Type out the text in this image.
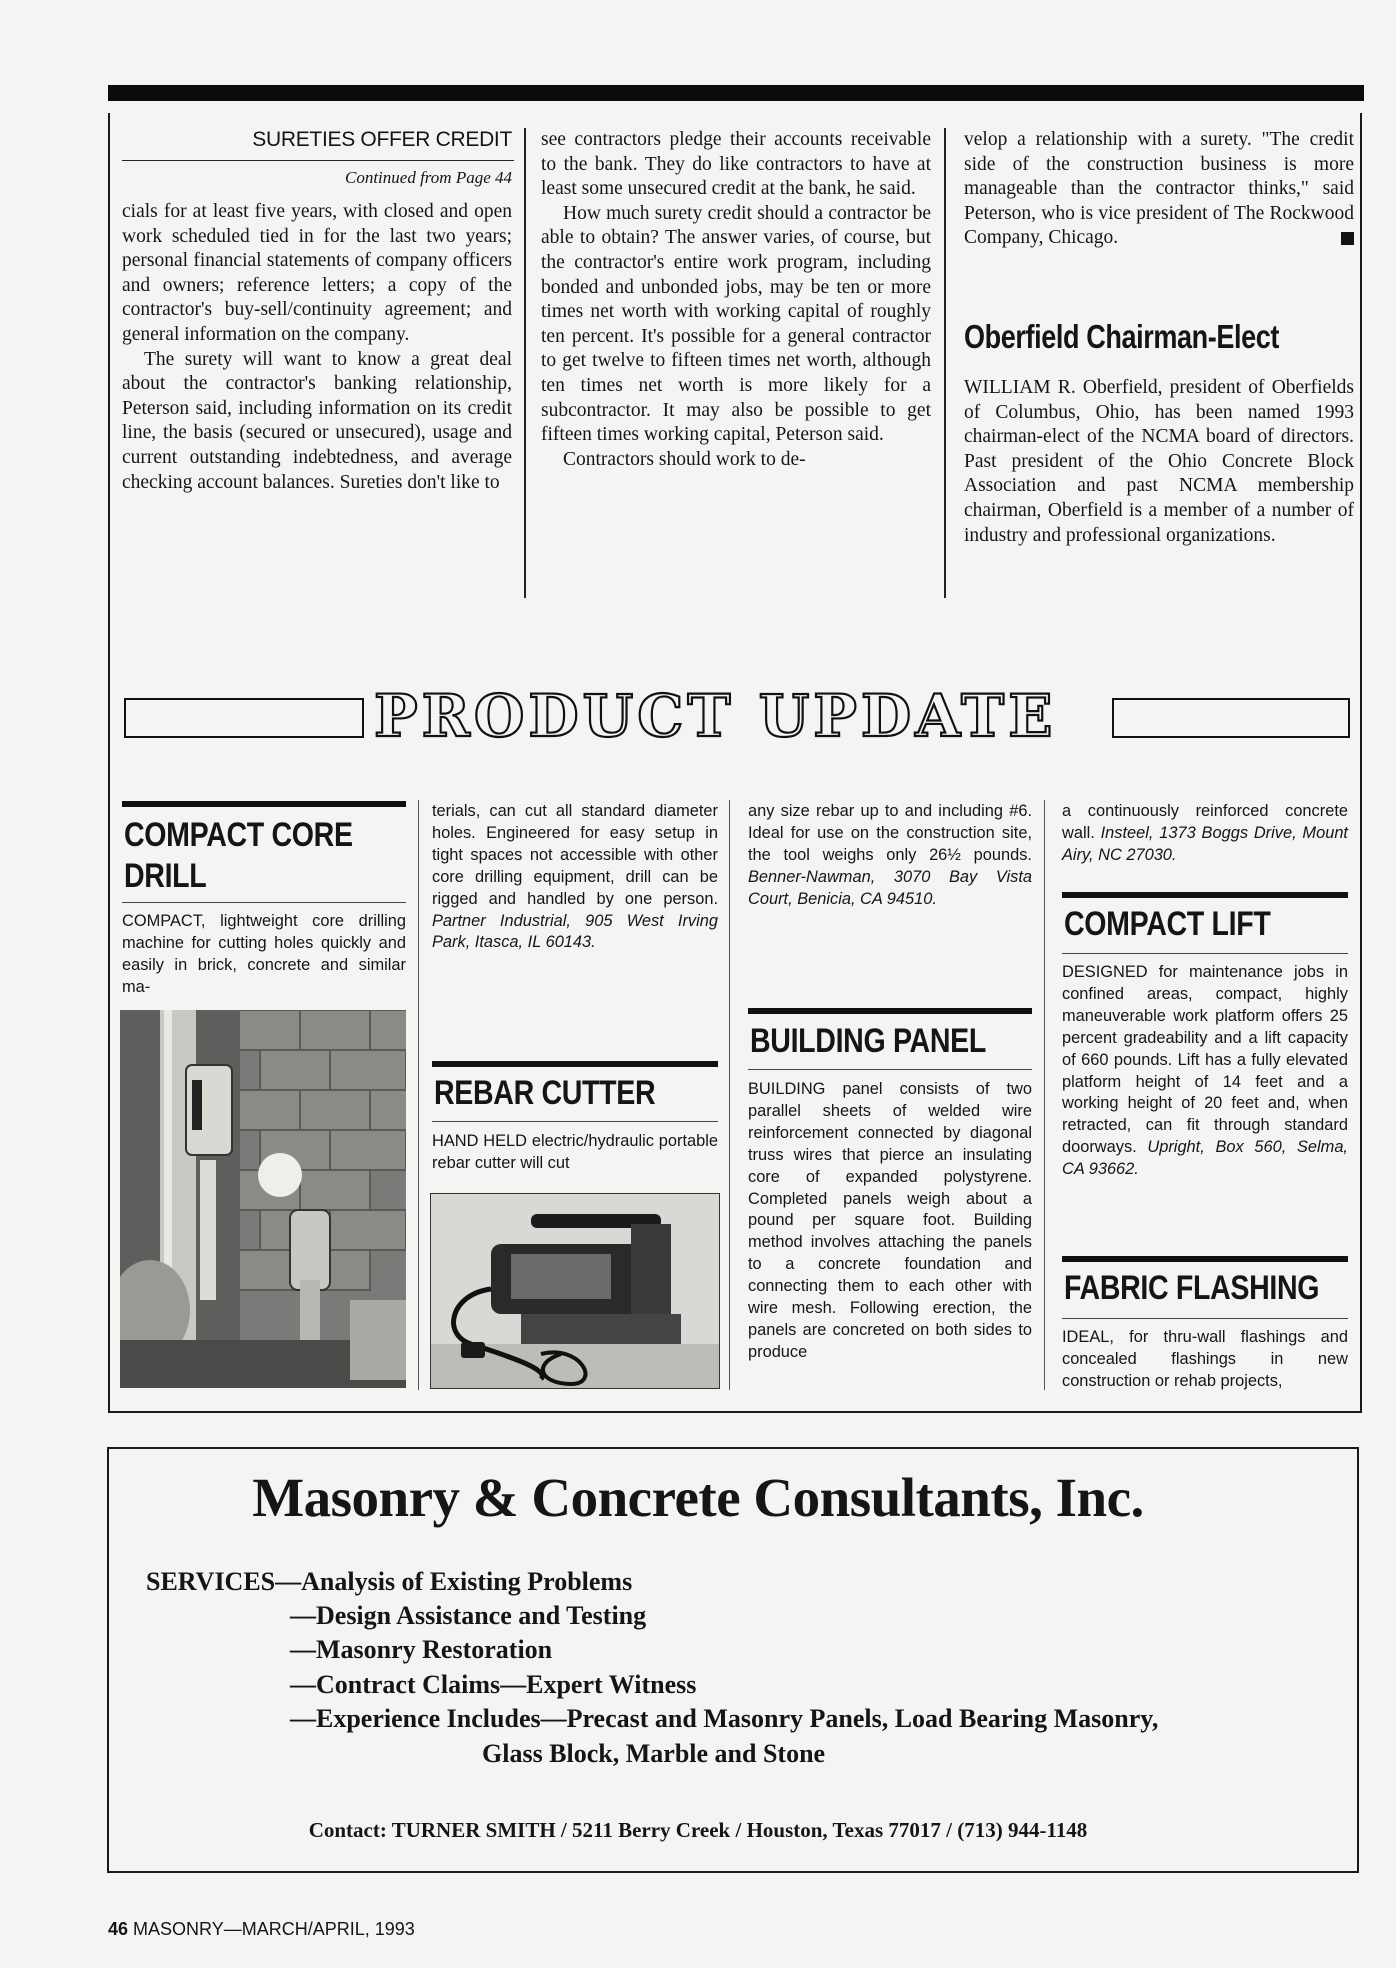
SURETIES OFFER CREDIT
Continued from Page 44

cials for at least five years, with closed and open work scheduled tied in for the last two years; personal financial statements of company officers and owners; reference letters; a copy of the contractor's buy-sell/continuity agreement; and general information on the company.

The surety will want to know a great deal about the contractor's banking relationship, Peterson said, including information on its credit line, the basis (secured or unsecured), usage and current outstanding indebtedness, and average checking account balances. Sureties don't like to

see contractors pledge their accounts receivable to the bank. They do like contractors to have at least some unsecured credit at the bank, he said.

How much surety credit should a contractor be able to obtain? The answer varies, of course, but the contractor's entire work program, including bonded and unbonded jobs, may be ten or more times net worth with working capital of roughly ten percent. It's possible for a general contractor to get twelve to fifteen times net worth, although ten times net worth is more likely for a subcontractor. It may also be possible to get fifteen times working capital, Peterson said.

Contractors should work to de-

velop a relationship with a surety. "The credit side of the construction business is more manageable than the contractor thinks," said Peterson, who is vice president of The Rockwood Company, Chicago.

Oberfield Chairman-Elect
WILLIAM R. Oberfield, president of Oberfields of Columbus, Ohio, has been named 1993 chairman-elect of the NCMA board of directors. Past president of the Ohio Concrete Block Association and past NCMA membership chairman, Oberfield is a member of a number of industry and professional organizations.
PRODUCT UPDATE
COMPACT CORE
DRILL
COMPACT, lightweight core drilling machine for cutting holes quickly and easily in brick, concrete and similar ma-
terials, can cut all standard diameter holes. Engineered for easy setup in tight spaces not accessible with other core drilling equipment, drill can be rigged and handled by one person. Partner Industrial, 905 West Irving Park, Itasca, IL 60143.
REBAR CUTTER
HAND HELD electric/hydraulic portable rebar cutter will cut
any size rebar up to and including #6. Ideal for use on the construction site, the tool weighs only 26½ pounds. Benner-Nawman, 3070 Bay Vista Court, Benicia, CA 94510.
BUILDING PANEL
BUILDING panel consists of two parallel sheets of welded wire reinforcement connected by diagonal truss wires that pierce an insulating core of expanded polystyrene. Completed panels weigh about a pound per square foot. Building method involves attaching the panels to a concrete foundation and connecting them to each other with wire mesh. Following erection, the panels are concreted on both sides to produce
a continuously reinforced concrete wall. Insteel, 1373 Boggs Drive, Mount Airy, NC 27030.
COMPACT LIFT
DESIGNED for maintenance jobs in confined areas, compact, highly maneuverable work platform offers 25 percent gradeability and a lift capacity of 660 pounds. Lift has a fully elevated platform height of 14 feet and a working height of 20 feet and, when retracted, can fit through standard doorways. Upright, Box 560, Selma, CA 93662.
FABRIC FLASHING
IDEAL, for thru-wall flashings and concealed flashings in new construction or rehab projects,
Masonry & Concrete Consultants, Inc.
SERVICES—Analysis of Existing Problems
—Design Assistance and Testing
—Masonry Restoration
—Contract Claims—Expert Witness
—Experience Includes—Precast and Masonry Panels, Load Bearing Masonry,
Glass Block, Marble and Stone
Contact: TURNER SMITH / 5211 Berry Creek / Houston, Texas 77017 / (713) 944-1148
46 MASONRY—MARCH/APRIL, 1993
